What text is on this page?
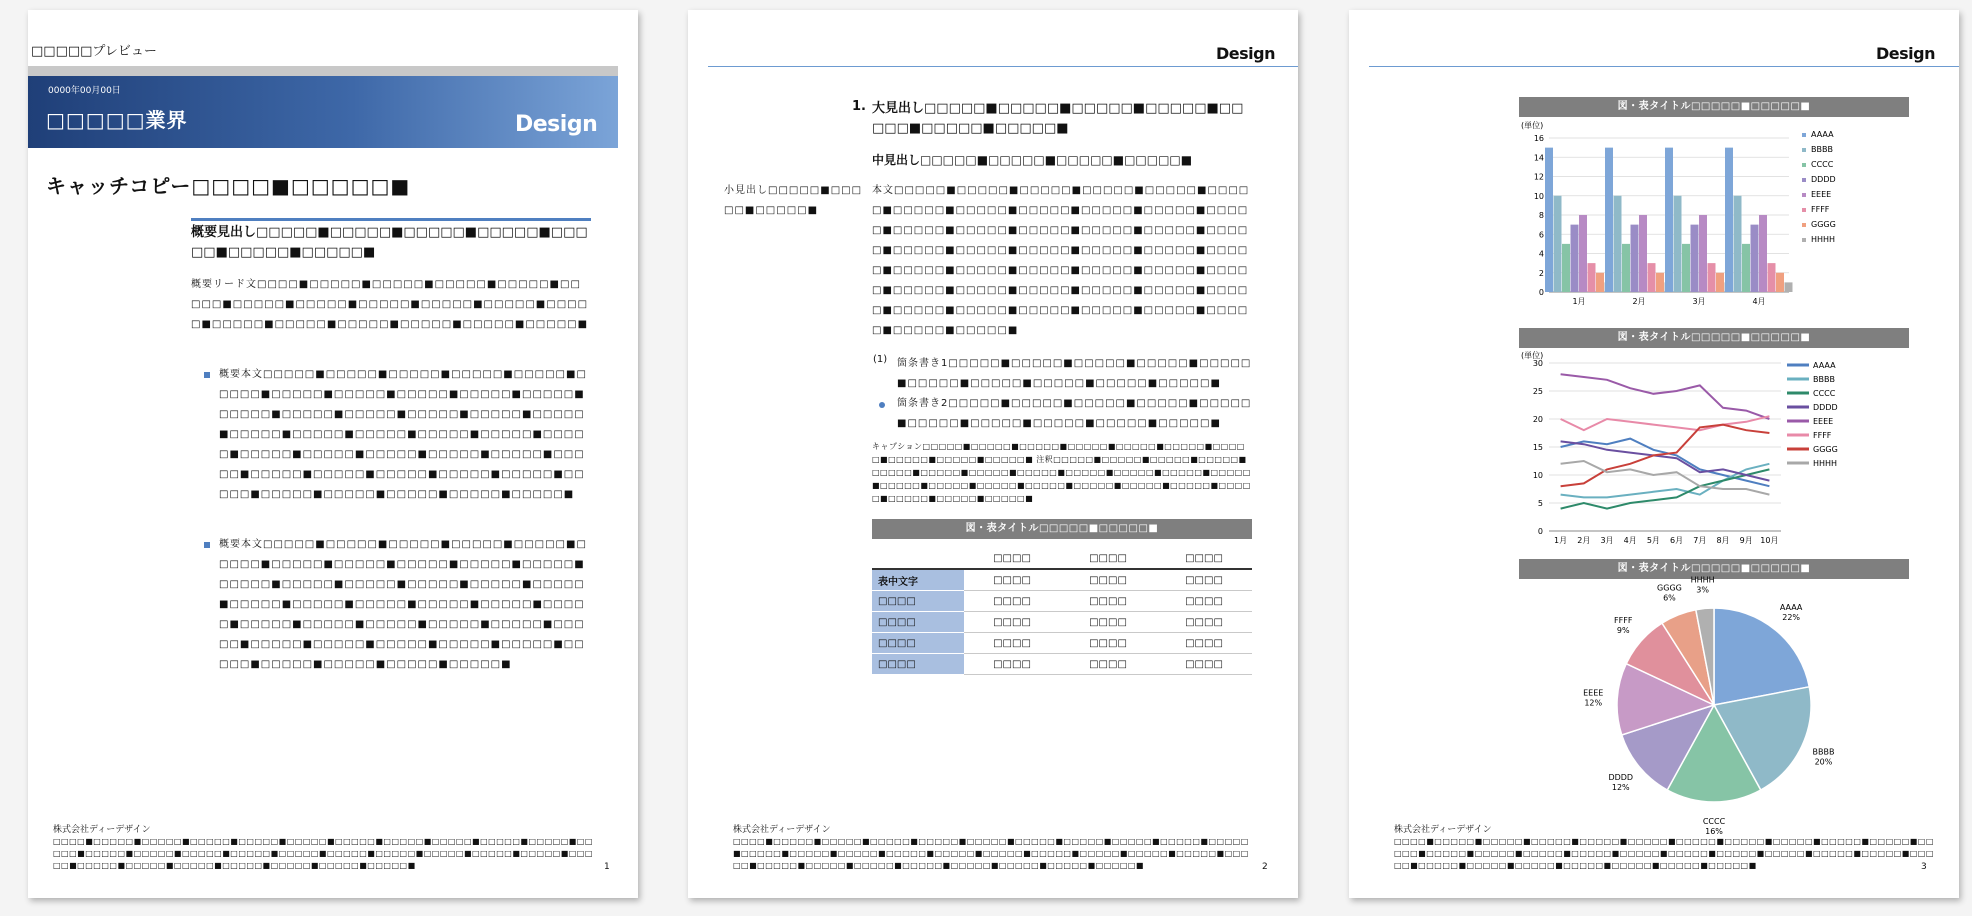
□□□□□プレビュー
0000年00月00日
□□□□□業界	Design
キャッチコピー□□□□■□□□□□■
概要見出し□□□□□■□□□□□■□□□□□■□□□□□■□□□□□■□□□□□■□□□□□■
概要リード文□□□□■□□□□□■□□□□□■□□□□□■□□□□□■□□□□□■□□□□□■□□□□□■□□□□□■□□□□□■□□□□□■□□□□□■□□□□□■□□□□□■□□□□□■□□□□□■□□□□□■□□□□□■
概要本文□□□□□■□□□□□■□□□□□■□□□□□■□□□□□■□□□□□■□□□□□■□□□□□■□□□□□■□□□□□■□□□□□■□□□□□■□□□□□■□□□□□■□□□□□■□□□□□■□□□□□■□□□□□■□□□□□■□□□□□■□□□□□■□□□□□■□□□□□■□□□□□■□□□□□■□□□□□■□□□□□■□□□□□■□□□□□■□□□□□■□□□□□■□□□□□■□□□□□■□□□□□■□□□□□■□□□□□■□□□□□■□□□□□■□□□□□■□□□□□■
概要本文□□□□□■□□□□□■□□□□□■□□□□□■□□□□□■□□□□□■□□□□□■□□□□□■□□□□□■□□□□□■□□□□□■□□□□□■□□□□□■□□□□□■□□□□□■□□□□□■□□□□□■□□□□□■□□□□□■□□□□□■□□□□□■□□□□□■□□□□□■□□□□□■□□□□□■□□□□□■□□□□□■□□□□□■□□□□□■□□□□□■□□□□□■□□□□□■□□□□□■□□□□□■□□□□□■□□□□□■□□□□□■□□□□□■□□□□□■
株式会社ディーデザイン
□□□□■□□□□□■□□□□□■□□□□□■□□□□□■□□□□□■□□□□□■□□□□□■□□□□□■□□□□□■□□□□□■□□□□□■□□□□□■□□□□□■□□□□□■□□□□□■□□□□□■□□□□□■□□□□□■□□□□□■□□□□□■□□□□□■□□□□□■□□□□□■□□□□□■□□□□□■□□□□□■□□□□□■□□□□□■□□□□□■	1
Design
1. 大見出し□□□□□■□□□□□■□□□□□■□□□□□■□□□□□■□□□□□■□□□□□■
中見出し□□□□□■□□□□□■□□□□□■□□□□□■
小見出し□□□□□■□□□□□■□□□□□■
本文□□□□□■□□□□□■□□□□□■□□□□□■□□□□□■□□□□□■□□□□□■□□□□□■□□□□□■□□□□□■□□□□□■□□□□□■□□□□□■□□□□□■□□□□□■□□□□□■□□□□□■□□□□□■□□□□□■□□□□□■□□□□□■□□□□□■□□□□□■□□□□□■□□□□□■□□□□□■□□□□□■□□□□□■□□□□□■□□□□□■□□□□□■□□□□□■□□□□□■□□□□□■□□□□□■□□□□□■□□□□□■□□□□□■□□□□□■□□□□□■□□□□□■□□□□□■□□□□□■□□□□□■
(1) 箇条書き1□□□□□■□□□□□■□□□□□■□□□□□■□□□□□■□□□□□■□□□□□■□□□□□■□□□□□■□□□□□■
箇条書き2□□□□□■□□□□□■□□□□□■□□□□□■□□□□□■□□□□□■□□□□□■□□□□□■□□□□□■□□□□□■
キャプション□□□□□■□□□□□■□□□□□■□□□□□■□□□□□■□□□□□■□□□□□■□□□□□■□□□□□■□□□□□■ 注釈□□□□□■□□□□□■□□□□□■□□□□□■□□□□□■□□□□□■□□□□□■□□□□□■□□□□□■□□□□□■□□□□□■□□□□□■□□□□□■□□□□□■□□□□□■□□□□□■□□□□□■□□□□□■□□□□□■□□□□□■□□□□□■□□□□□■□□□□□■
図・表タイトル□□□□□■□□□□□■
	□□□□	□□□□	□□□□
表中文字	□□□□	□□□□	□□□□
□□□□	□□□□	□□□□	□□□□
□□□□	□□□□	□□□□	□□□□
□□□□	□□□□	□□□□	□□□□
□□□□	□□□□	□□□□	□□□□
株式会社ディーデザイン
□□□□■□□□□□■□□□□□■□□□□□■□□□□□■□□□□□■□□□□□■□□□□□■□□□□□■□□□□□■□□□□□■□□□□□■□□□□□■□□□□□■□□□□□■□□□□□■□□□□□■□□□□□■□□□□□■□□□□□■□□□□□■□□□□□■□□□□□■□□□□□■□□□□□■□□□□□■□□□□□■□□□□□■□□□□□■□□□□□■	2
Design
図・表タイトル□□□□□■□□□□□■
(単位)
0
2
4
6
8
10
12
14
16
1月	2月	3月	4月
AAAA
BBBB
CCCC
DDDD
EEEE
FFFF
GGGG
HHHH
図・表タイトル□□□□□■□□□□□■
(単位)
0
5
10
15
20
25
30
1月 2月 3月 4月 5月 6月 7月 8月 9月 10月
AAAA
BBBB
CCCC
DDDD
EEEE
FFFF
GGGG
HHHH
図・表タイトル□□□□□■□□□□□■
AAAA
22%
BBBB
20%
CCCC
16%
DDDD
12%
EEEE
12%
FFFF
9%
GGGG
6%
HHHH
3%
株式会社ディーデザイン
□□□□■□□□□□■□□□□□■□□□□□■□□□□□■□□□□□■□□□□□■□□□□□■□□□□□■□□□□□■□□□□□■□□□□□■□□□□□■□□□□□■□□□□□■□□□□□■□□□□□■□□□□□■□□□□□■□□□□□■□□□□□■□□□□□■□□□□□■□□□□□■□□□□□■□□□□□■□□□□□■□□□□□■□□□□□■□□□□□■	3
